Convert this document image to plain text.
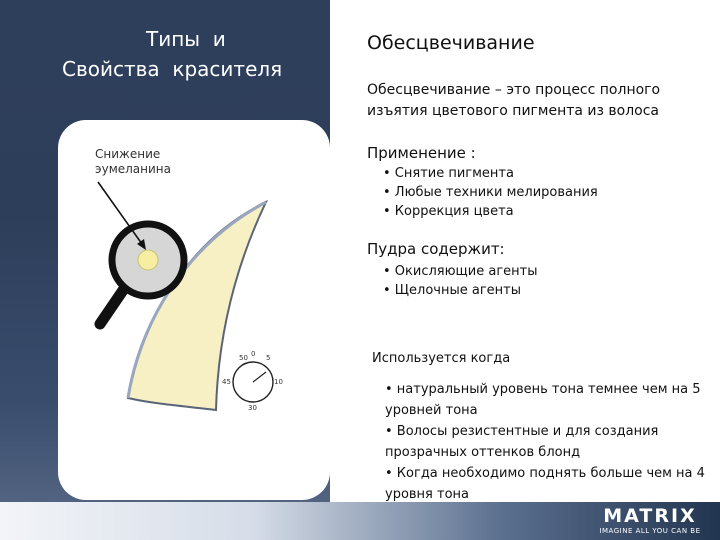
Типы  и
Свойства  красителя
50 0 5
10
45
30
Снижение
эумеланина
Обесцвечивание
Обесцвечивание – это процесс полного
изъятия цветового пигмента из волоса
Применение :
• Снятие пигмента
• Любые техники мелирования
• Коррекция цвета
Пудра содержит:
• Окисляющие агенты
• Щелочные агенты
Используется когда
• натуральный уровень тона темнее чем на 5
уровней тона
• Волосы резистентные и для создания
прозрачных оттенков блонд
• Когда необходимо поднять больше чем на 4
уровня тона
MATRIX
IMAGINE ALL YOU CAN BE
